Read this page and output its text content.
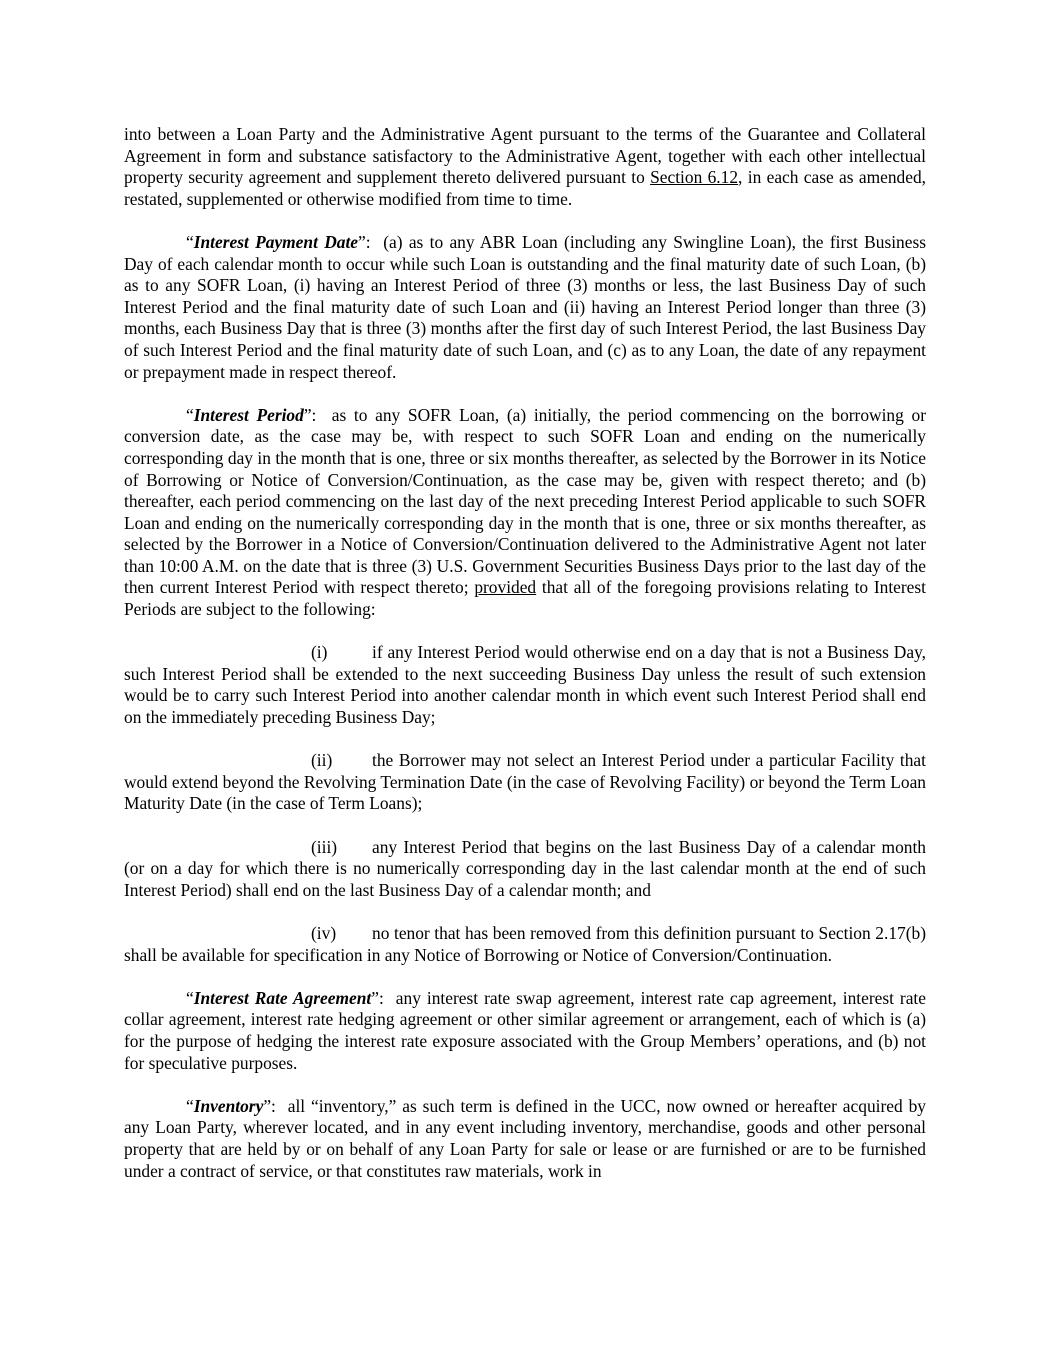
into between a Loan Party and the Administrative Agent pursuant to the terms of the Guarantee and Collateral Agreement in form and substance satisfactory to the Administrative Agent, together with each other intellectual property security agreement and supplement thereto delivered pursuant to Section 6.12, in each case as amended, restated, supplemented or otherwise modified from time to time.

“Interest Payment Date”:  (a) as to any ABR Loan (including any Swingline Loan), the first Business Day of each calendar month to occur while such Loan is outstanding and the final maturity date of such Loan, (b) as to any SOFR Loan, (i) having an Interest Period of three (3) months or less, the last Business Day of such Interest Period and the final maturity date of such Loan and (ii) having an Interest Period longer than three (3) months, each Business Day that is three (3) months after the first day of such Interest Period, the last Business Day of such Interest Period and the final maturity date of such Loan, and (c) as to any Loan, the date of any repayment or prepayment made in respect thereof.

“Interest Period”:  as to any SOFR Loan, (a) initially, the period commencing on the borrowing or conversion date, as the case may be, with respect to such SOFR Loan and ending on the numerically corresponding day in the month that is one, three or six months thereafter, as selected by the Borrower in its Notice of Borrowing or Notice of Conversion/Continuation, as the case may be, given with respect thereto; and (b) thereafter, each period commencing on the last day of the next preceding Interest Period applicable to such SOFR Loan and ending on the numerically corresponding day in the month that is one, three or six months thereafter, as selected by the Borrower in a Notice of Conversion/Continuation delivered to the Administrative Agent not later than 10:00 A.M. on the date that is three (3) U.S. Government Securities Business Days prior to the last day of the then current Interest Period with respect thereto; provided that all of the foregoing provisions relating to Interest Periods are subject to the following:

(i)	if any Interest Period would otherwise end on a day that is not a Business Day, such Interest Period shall be extended to the next succeeding Business Day unless the result of such extension would be to carry such Interest Period into another calendar month in which event such Interest Period shall end on the immediately preceding Business Day;

(ii) the Borrower may not select an Interest Period under a particular Facility that would extend beyond the Revolving Termination Date (in the case of Revolving Facility) or beyond the Term Loan Maturity Date (in the case of Term Loans);

(iii) any Interest Period that begins on the last Business Day of a calendar month (or on a day for which there is no numerically corresponding day in the last calendar month at the end of such Interest Period) shall end on the last Business Day of a calendar month; and

(iv) no tenor that has been removed from this definition pursuant to Section 2.17(b) shall be available for specification in any Notice of Borrowing or Notice of Conversion/Continuation.

“Interest Rate Agreement”:  any interest rate swap agreement, interest rate cap agreement, interest rate collar agreement, interest rate hedging agreement or other similar agreement or arrangement, each of which is (a) for the purpose of hedging the interest rate exposure associated with the Group Members’ operations, and (b) not for speculative purposes.

“Inventory”:  all “inventory,” as such term is defined in the UCC, now owned or hereafter acquired by any Loan Party, wherever located, and in any event including inventory, merchandise, goods and other personal property that are held by or on behalf of any Loan Party for sale or lease or are furnished or are to be furnished under a contract of service, or that constitutes raw materials, work in
